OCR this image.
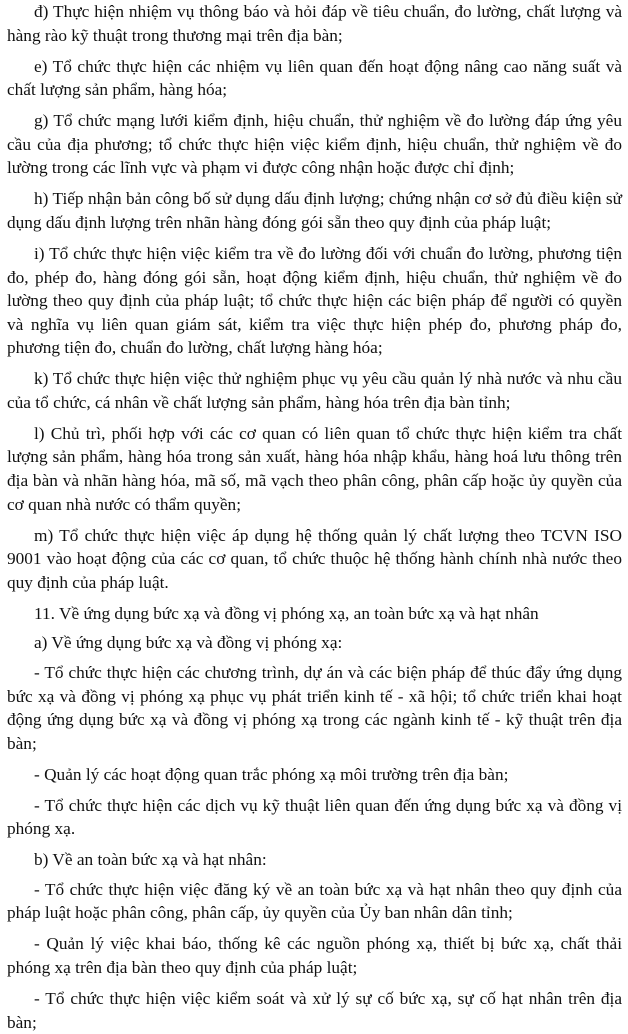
đ) Thực hiện nhiệm vụ thông báo và hỏi đáp về tiêu chuẩn, đo lường, chất lượng và hàng rào kỹ thuật trong thương mại trên địa bàn;

e) Tổ chức thực hiện các nhiệm vụ liên quan đến hoạt động nâng cao năng suất và chất lượng sản phẩm, hàng hóa;

g) Tổ chức mạng lưới kiểm định, hiệu chuẩn, thử nghiệm về đo lường đáp ứng yêu cầu của địa phương; tổ chức thực hiện việc kiểm định, hiệu chuẩn, thử nghiệm về đo lường trong các lĩnh vực và phạm vi được công nhận hoặc được chỉ định;

h) Tiếp nhận bản công bố sử dụng dấu định lượng; chứng nhận cơ sở đủ điều kiện sử dụng dấu định lượng trên nhãn hàng đóng gói sẵn theo quy định của pháp luật;

i) Tổ chức thực hiện việc kiểm tra về đo lường đối với chuẩn đo lường, phương tiện đo, phép đo, hàng đóng gói sẵn, hoạt động kiểm định, hiệu chuẩn, thử nghiệm về đo lường theo quy định của pháp luật; tổ chức thực hiện các biện pháp để người có quyền và nghĩa vụ liên quan giám sát, kiểm tra việc thực hiện phép đo, phương pháp đo, phương tiện đo, chuẩn đo lường, chất lượng hàng hóa;

k) Tổ chức thực hiện việc thử nghiệm phục vụ yêu cầu quản lý nhà nước và nhu cầu của tổ chức, cá nhân về chất lượng sản phẩm, hàng hóa trên địa bàn tỉnh;

l) Chủ trì, phối hợp với các cơ quan có liên quan tổ chức thực hiện kiểm tra chất lượng sản phẩm, hàng hóa trong sản xuất, hàng hóa nhập khẩu, hàng hoá lưu thông trên địa bàn và nhãn hàng hóa, mã số, mã vạch theo phân công, phân cấp hoặc ủy quyền của cơ quan nhà nước có thẩm quyền;

m) Tổ chức thực hiện việc áp dụng hệ thống quản lý chất lượng theo TCVN ISO 9001 vào hoạt động của các cơ quan, tổ chức thuộc hệ thống hành chính nhà nước theo quy định của pháp luật.

11. Về ứng dụng bức xạ và đồng vị phóng xạ, an toàn bức xạ và hạt nhân

a) Về ứng dụng bức xạ và đồng vị phóng xạ:

- Tổ chức thực hiện các chương trình, dự án và các biện pháp để thúc đẩy ứng dụng bức xạ và đồng vị phóng xạ phục vụ phát triển kinh tế - xã hội; tổ chức triển khai hoạt động ứng dụng bức xạ và đồng vị phóng xạ trong các ngành kinh tế - kỹ thuật trên địa bàn;

- Quản lý các hoạt động quan trắc phóng xạ môi trường trên địa bàn;

- Tổ chức thực hiện các dịch vụ kỹ thuật liên quan đến ứng dụng bức xạ và đồng vị phóng xạ.

b) Về an toàn bức xạ và hạt nhân:

- Tổ chức thực hiện việc đăng ký về an toàn bức xạ và hạt nhân theo quy định của pháp luật hoặc phân công, phân cấp, ủy quyền của Ủy ban nhân dân tỉnh;

- Quản lý việc khai báo, thống kê các nguồn phóng xạ, thiết bị bức xạ, chất thải phóng xạ trên địa bàn theo quy định của pháp luật;

- Tổ chức thực hiện việc kiểm soát và xử lý sự cố bức xạ, sự cố hạt nhân trên địa bàn;
